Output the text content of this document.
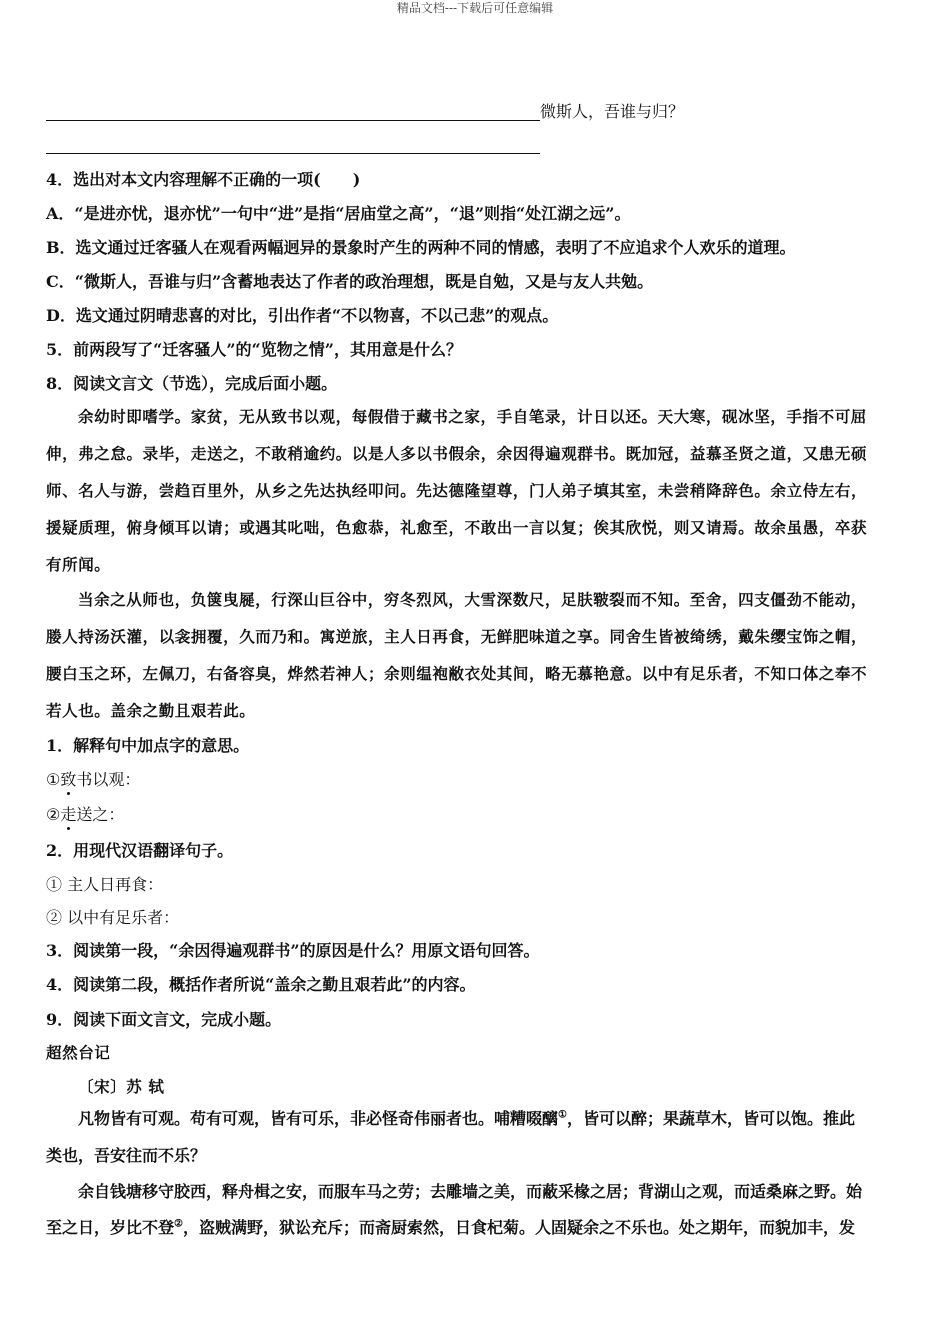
精品文档---下载后可任意编辑
微斯人，吾谁与归？
4．选出对本文内容理解不正确的一项(　　)
A．“是进亦忧，退亦忧”一句中“进”是指“居庙堂之高”，“退”则指“处江湖之远”。
B．选文通过迁客骚人在观看两幅迥异的景象时产生的两种不同的情感，表明了不应追求个人欢乐的道理。
C．“微斯人，吾谁与归”含蓄地表达了作者的政治理想，既是自勉，又是与友人共勉。
D．选文通过阴晴悲喜的对比，引出作者“不以物喜，不以己悲”的观点。
5．前两段写了“迁客骚人”的“览物之情”，其用意是什么？
8．阅读文言文（节选），完成后面小题。
余幼时即嗜学。家贫，无从致书以观，每假借于藏书之家，手自笔录，计日以还。天大寒，砚冰坚，手指不可屈
伸，弗之怠。录毕，走送之，不敢稍逾约。以是人多以书假余，余因得遍观群书。既加冠，益慕圣贤之道，又患无硕
师、名人与游，尝趋百里外，从乡之先达执经叩问。先达德隆望尊，门人弟子填其室，未尝稍降辞色。余立侍左右，
援疑质理，俯身倾耳以请；或遇其叱咄，色愈恭，礼愈至，不敢出一言以复；俟其欣悦，则又请焉。故余虽愚，卒获
有所闻。
当余之从师也，负箧曳屣，行深山巨谷中，穷冬烈风，大雪深数尺，足肤皲裂而不知。至舍，四支僵劲不能动，
媵人持汤沃灌，以衾拥覆，久而乃和。寓逆旅，主人日再食，无鲜肥味道之享。同舍生皆被绮绣，戴朱缨宝饰之帽，
腰白玉之环，左佩刀，右备容臭，烨然若神人；余则缊袍敝衣处其间，略无慕艳意。以中有足乐者，不知口体之奉不
若人也。盖余之勤且艰若此。
1．解释句中加点字的意思。
①致书以观：
②走送之：
2．用现代汉语翻译句子。
① 主人日再食：
② 以中有足乐者：
3．阅读第一段，“余因得遍观群书”的原因是什么？用原文语句回答。
4．阅读第二段，概括作者所说“盖余之勤且艰若此”的内容。
9．阅读下面文言文，完成小题。
超然台记
〔宋〕苏 轼
凡物皆有可观。苟有可观，皆有可乐，非必怪奇伟丽者也。哺糟啜醨①，皆可以醉；果蔬草木，皆可以饱。推此
类也，吾安往而不乐？
余自钱塘移守胶西，释舟楫之安，而服车马之劳；去雕墙之美，而蔽采椽之居；背湖山之观，而适桑麻之野。始
至之日，岁比不登②，盗贼满野，狱讼充斥；而斋厨索然，日食杞菊。人固疑余之不乐也。处之期年，而貌加丰，发
